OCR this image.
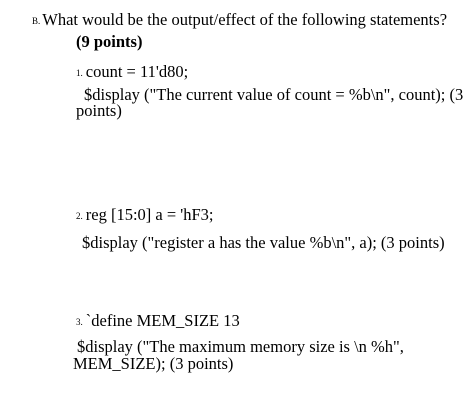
B. What would be the output/effect of the following statements?
(9 points)
1. count = 11'd80;
$display ("The current value of count = %b\n", count); (3
points)
2. reg [15:0] a = 'hF3;
$display ("register a has the value %b\n", a); (3 points)
3. `define MEM_SIZE 13
$display ("The maximum memory size is \n %h",
MEM_SIZE); (3 points)
